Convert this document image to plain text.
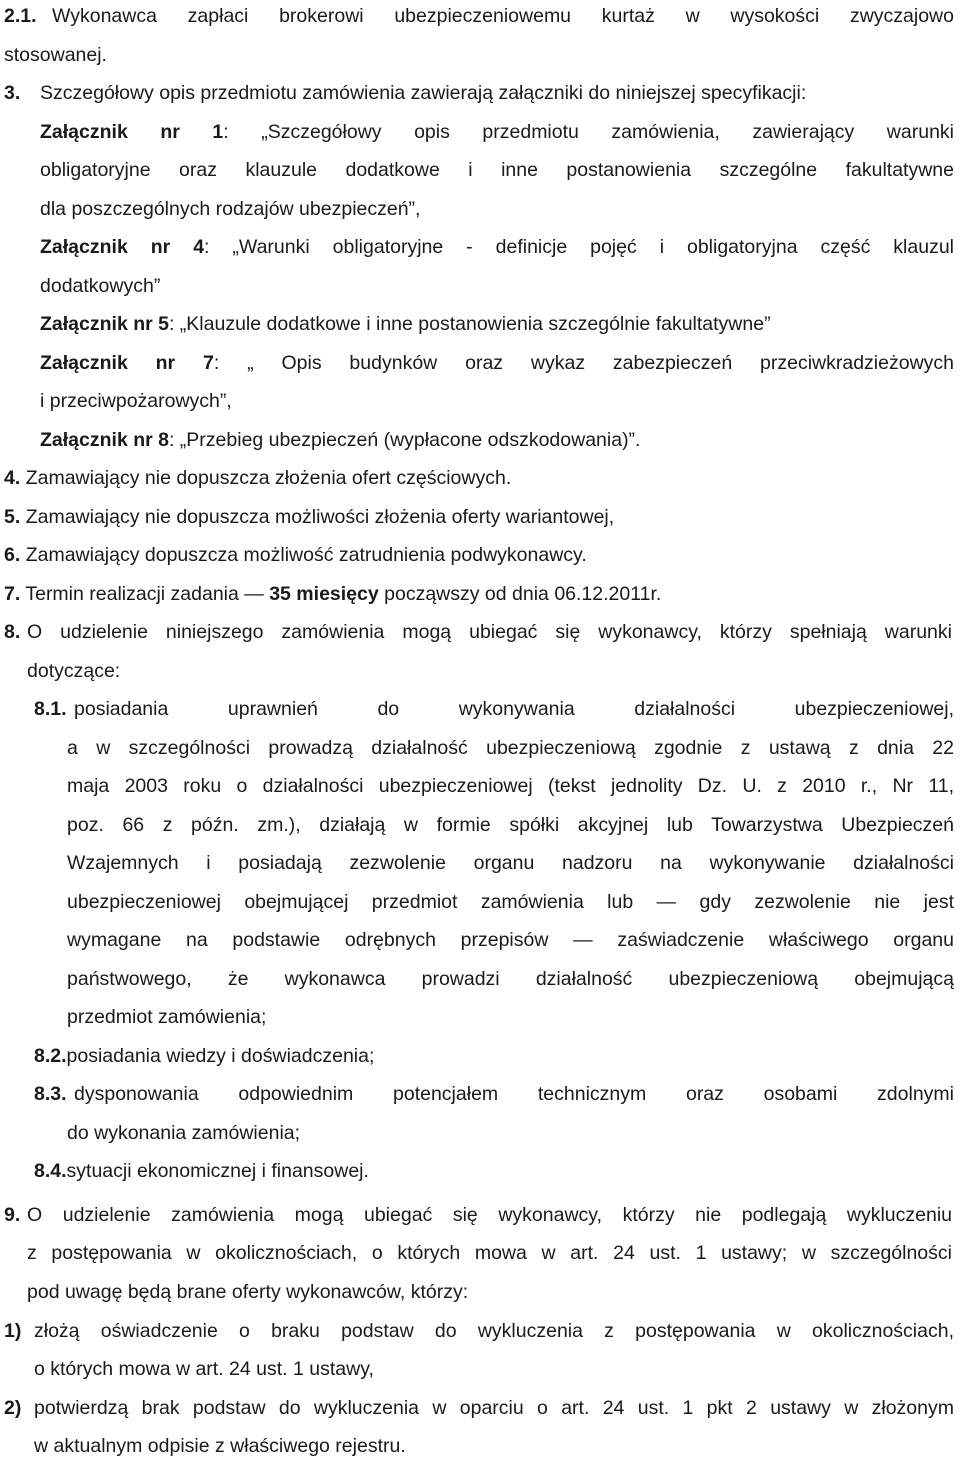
2.1. Wykonawca zapłaci brokerowi ubezpieczeniowemu kurtaż w wysokości zwyczajowo
stosowanej.
3. Szczegółowy opis przedmiotu zamówienia zawierają załączniki do niniejszej specyfikacji:
Załącznik nr 1: „Szczegółowy opis przedmiotu zamówienia, zawierający warunki
obligatoryjne oraz klauzule dodatkowe i inne postanowienia szczególne fakultatywne
dla poszczególnych rodzajów ubezpieczeń”,
Załącznik nr 4: „Warunki obligatoryjne - definicje pojęć i obligatoryjna część klauzul
dodatkowych”
Załącznik nr 5: „Klauzule dodatkowe i inne postanowienia szczególnie fakultatywne”
Załącznik nr 7: „ Opis budynków oraz wykaz zabezpieczeń przeciwkradzieżowych
i przeciwpożarowych”,
Załącznik nr 8: „Przebieg ubezpieczeń (wypłacone odszkodowania)”.
4. Zamawiający nie dopuszcza złożenia ofert częściowych.
5. Zamawiający nie dopuszcza możliwości złożenia oferty wariantowej,
6. Zamawiający dopuszcza możliwość zatrudnienia podwykonawcy.
7. Termin realizacji zadania — 35 miesięcy począwszy od dnia 06.12.2011r.
8. O udzielenie niniejszego zamówienia mogą ubiegać się wykonawcy, którzy spełniają warunki
dotyczące:
8.1. posiadania uprawnień do wykonywania działalności ubezpieczeniowej,
a w szczególności prowadzą działalność ubezpieczeniową zgodnie z ustawą z dnia 22
maja 2003 roku o działalności ubezpieczeniowej (tekst jednolity Dz. U. z 2010 r., Nr 11,
poz. 66 z późn. zm.), działają w formie spółki akcyjnej lub Towarzystwa Ubezpieczeń
Wzajemnych i posiadają zezwolenie organu nadzoru na wykonywanie działalności
ubezpieczeniowej obejmującej przedmiot zamówienia lub — gdy zezwolenie nie jest
wymagane na podstawie odrębnych przepisów — zaświadczenie właściwego organu
państwowego, że wykonawca prowadzi działalność ubezpieczeniową obejmującą
przedmiot zamówienia;
8.2.posiadania wiedzy i doświadczenia;
8.3. dysponowania odpowiednim potencjałem technicznym oraz osobami zdolnymi
do wykonania zamówienia;
8.4.sytuacji ekonomicznej i finansowej.
9. O udzielenie zamówienia mogą ubiegać się wykonawcy, którzy nie podlegają wykluczeniu
z postępowania w okolicznościach, o których mowa w art. 24 ust. 1 ustawy; w szczególności
pod uwagę będą brane oferty wykonawców, którzy:
1) złożą oświadczenie o braku podstaw do wykluczenia z postępowania w okolicznościach,
o których mowa w art. 24 ust. 1 ustawy,
2) potwierdzą brak podstaw do wykluczenia w oparciu o art. 24 ust. 1 pkt 2 ustawy w złożonym
w aktualnym odpisie z właściwego rejestru.
